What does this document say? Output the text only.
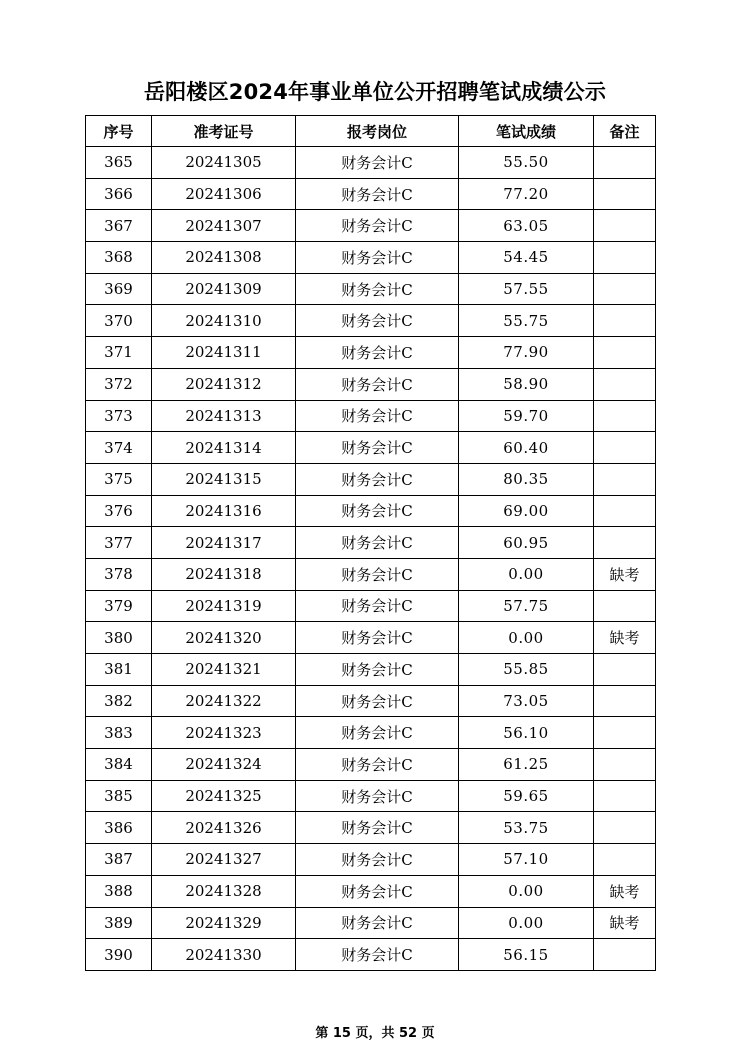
岳阳楼区2024年事业单位公开招聘笔试成绩公示
序号	准考证号	报考岗位	笔试成绩	备注
365	20241305	财务会计C	55.50	
366	20241306	财务会计C	77.20	
367	20241307	财务会计C	63.05	
368	20241308	财务会计C	54.45	
369	20241309	财务会计C	57.55	
370	20241310	财务会计C	55.75	
371	20241311	财务会计C	77.90	
372	20241312	财务会计C	58.90	
373	20241313	财务会计C	59.70	
374	20241314	财务会计C	60.40	
375	20241315	财务会计C	80.35	
376	20241316	财务会计C	69.00	
377	20241317	财务会计C	60.95	
378	20241318	财务会计C	0.00	缺考
379	20241319	财务会计C	57.75	
380	20241320	财务会计C	0.00	缺考
381	20241321	财务会计C	55.85	
382	20241322	财务会计C	73.05	
383	20241323	财务会计C	56.10	
384	20241324	财务会计C	61.25	
385	20241325	财务会计C	59.65	
386	20241326	财务会计C	53.75	
387	20241327	财务会计C	57.10	
388	20241328	财务会计C	0.00	缺考
389	20241329	财务会计C	0.00	缺考
390	20241330	财务会计C	56.15	
第 15 页，共 52 页
